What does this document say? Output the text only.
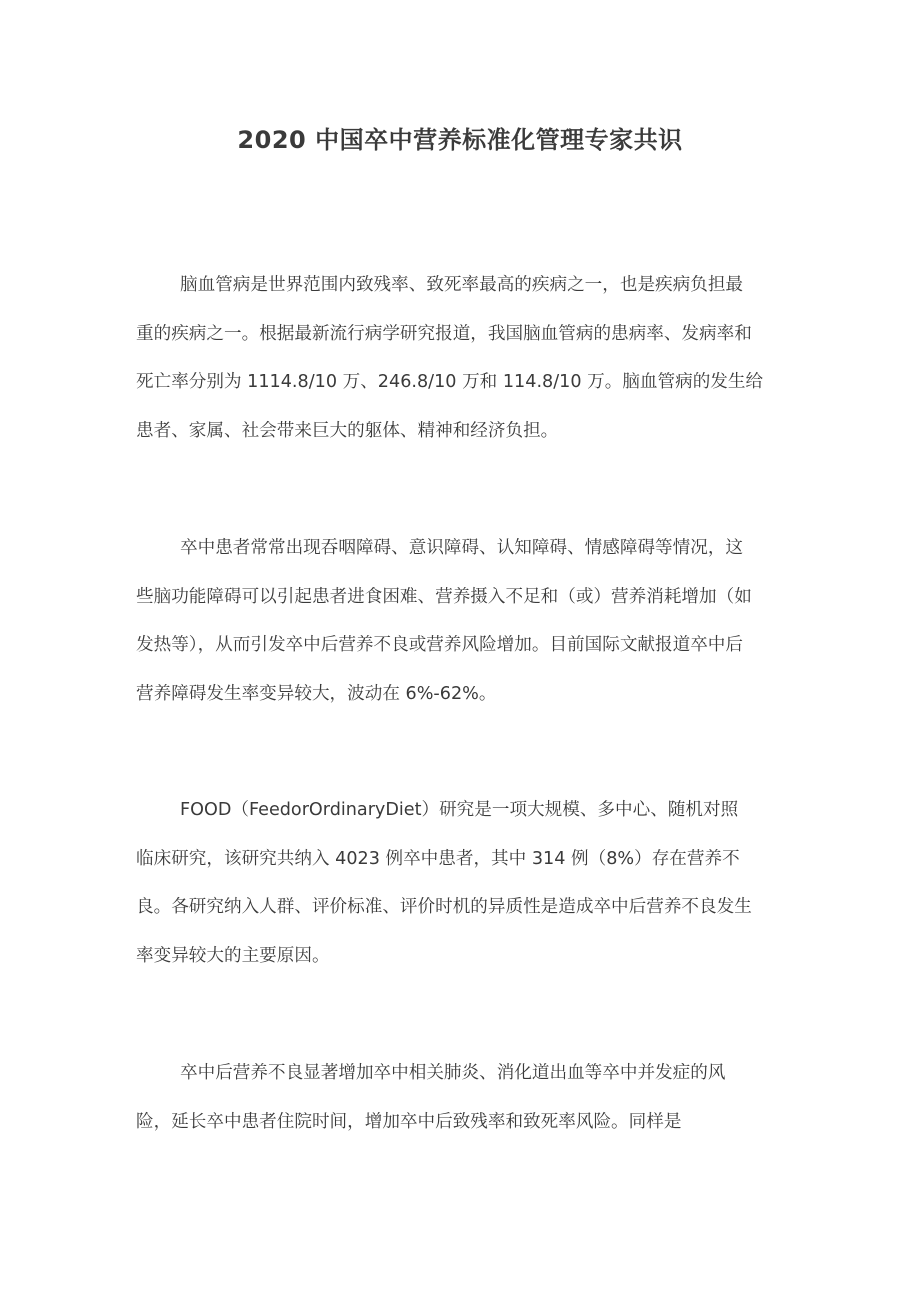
2020 中国卒中营养标准化管理专家共识
脑血管病是世界范围内致残率、致死率最高的疾病之一，也是疾病负担最
重的疾病之一。根据最新流行病学研究报道，我国脑血管病的患病率、发病率和
死亡率分别为 1114.8/10 万、246.8/10 万和 114.8/10 万。脑血管病的发生给
患者、家属、社会带来巨大的躯体、精神和经济负担。
卒中患者常常出现吞咽障碍、意识障碍、认知障碍、情感障碍等情况，这
些脑功能障碍可以引起患者进食困难、营养摄入不足和（或）营养消耗增加（如
发热等），从而引发卒中后营养不良或营养风险增加。目前国际文献报道卒中后
营养障碍发生率变异较大，波动在 6%-62%。
FOOD（FeedorOrdinaryDiet）研究是一项大规模、多中心、随机对照
临床研究，该研究共纳入 4023 例卒中患者，其中 314 例（8%）存在营养不
良。各研究纳入人群、评价标准、评价时机的异质性是造成卒中后营养不良发生
率变异较大的主要原因。
卒中后营养不良显著增加卒中相关肺炎、消化道出血等卒中并发症的风
险，延长卒中患者住院时间，增加卒中后致残率和致死率风险。同样是
